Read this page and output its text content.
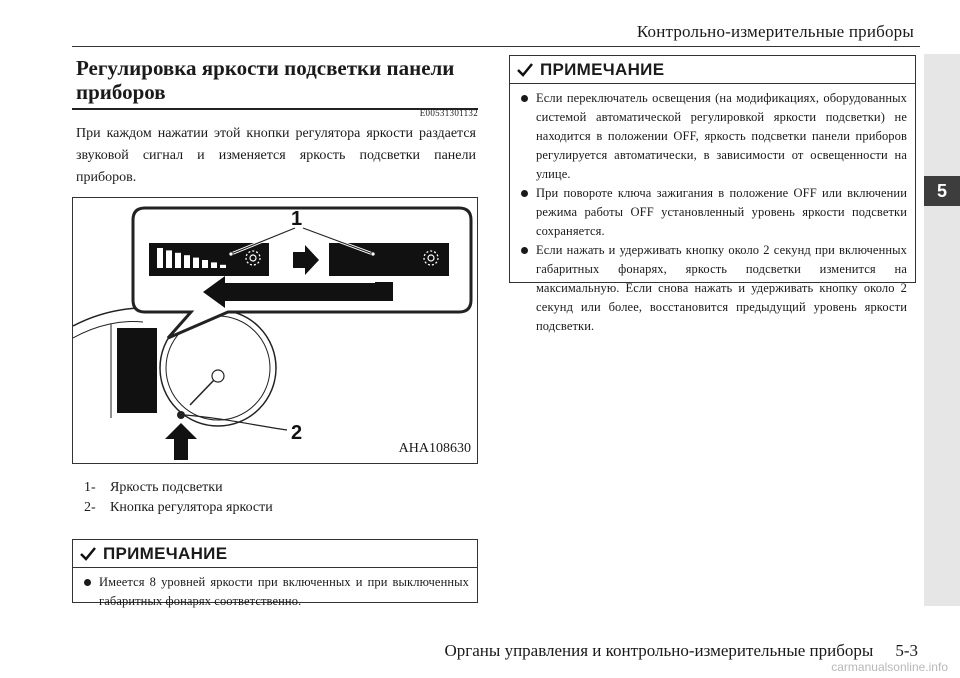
Контрольно-измерительные приборы
5
Регулировка яркости подсветки панели приборов
E00531301132
При каждом нажатии этой кнопки регулятора яркости раздается звуковой сигнал и изменяется яркость подсветки панели приборов.
2
1
AHA108630
1- Яркость подсветки
2- Кнопка регулятора яркости
ПРИМЕЧАНИЕ
Имеется 8 уровней яркости при включенных и при выключенных габаритных фонарях соответственно.
ПРИМЕЧАНИЕ
Если переключатель освещения (на модификациях, оборудованных системой автоматической регулировкой яркости подсветки) не находится в положении OFF, яркость подсветки панели приборов регулируется автоматически, в зависимости от освещенности на улице.
При повороте ключа зажигания в положение OFF или включении режима работы OFF установленный уровень яркости подсветки сохраняется.
Если нажать и удерживать кнопку около 2 секунд при включенных габаритных фонарях, яркость подсветки изменится на максимальную. Если снова нажать и удерживать кнопку около 2 секунд или более, восстановится предыдущий уровень яркости подсветки.
Органы управления и контрольно-измерительные приборы 5-3
carmanualsonline.info
